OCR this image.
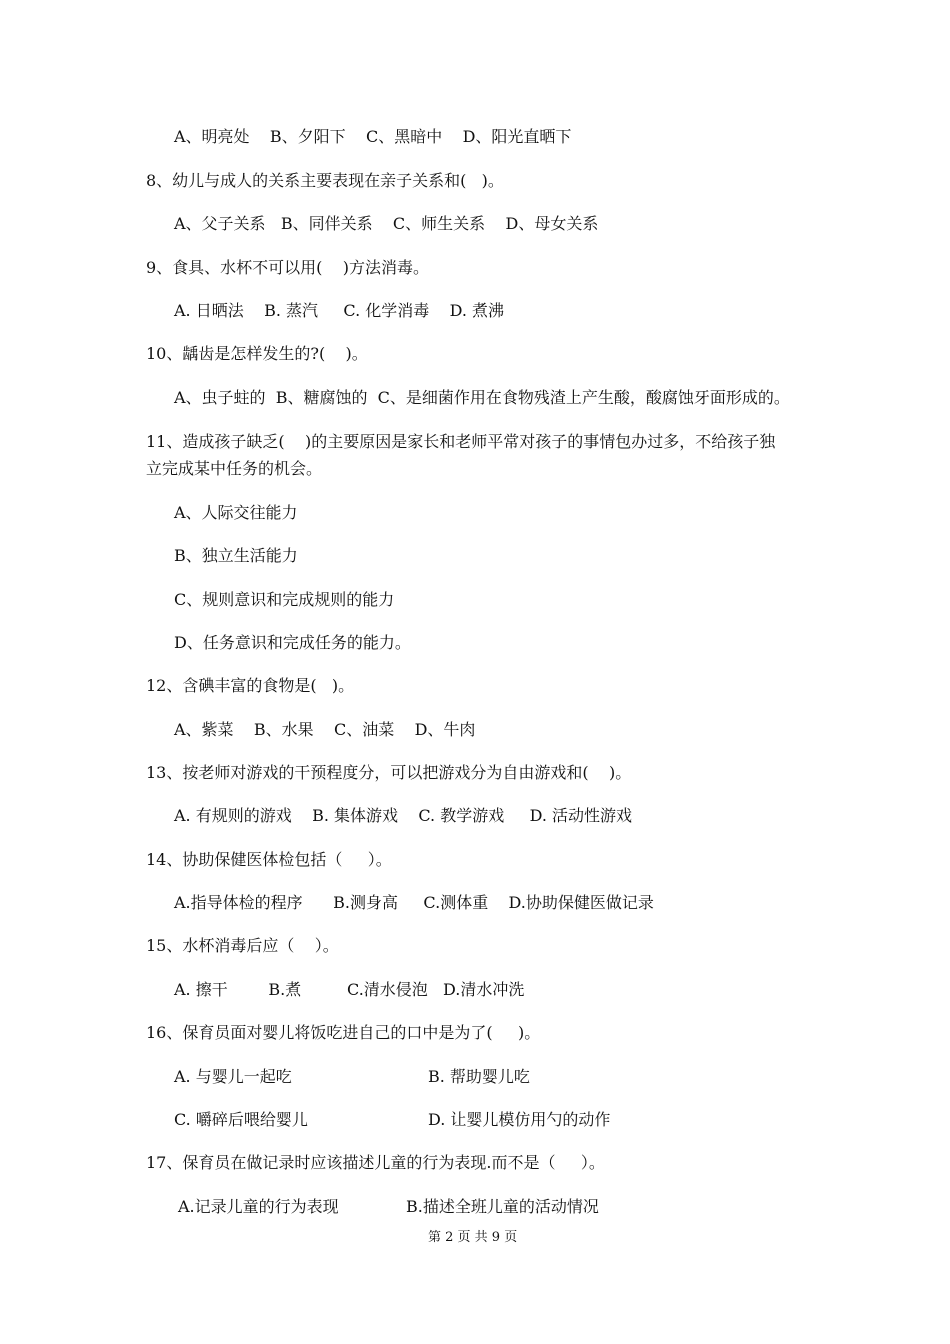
A、明亮处    B、夕阳下    C、黑暗中    D、阳光直晒下
8、幼儿与成人的关系主要表现在亲子关系和(   )。
A、父子关系   B、同伴关系    C、师生关系    D、母女关系
9、食具、水杯不可以用(    )方法消毒。
A. 日晒法    B. 蒸汽     C. 化学消毒    D. 煮沸
10、龋齿是怎样发生的?(    )。
A、虫子蛀的  B、糖腐蚀的  C、是细菌作用在食物残渣上产生酸，酸腐蚀牙面形成的。
11、造成孩子缺乏(    )的主要原因是家长和老师平常对孩子的事情包办过多，不给孩子独
立完成某中任务的机会。
A、人际交往能力
B、独立生活能力
C、规则意识和完成规则的能力
D、任务意识和完成任务的能力。
12、含碘丰富的食物是(   )。
A、紫菜    B、水果    C、油菜    D、牛肉
13、按老师对游戏的干预程度分，可以把游戏分为自由游戏和(    )。
A. 有规则的游戏    B. 集体游戏    C. 教学游戏     D. 活动性游戏
14、协助保健医体检包括（     ）。
A.指导体检的程序      B.测身高     C.测体重    D.协助保健医做记录
15、水杯消毒后应（    ）。
A. 擦干        B.煮         C.清水侵泡   D.清水冲洗
16、保育员面对婴儿将饭吃进自己的口中是为了(     )。
A. 与婴儿一起吃	B. 帮助婴儿吃
C. 嚼碎后喂给婴儿	D. 让婴儿模仿用勺的动作
17、保育员在做记录时应该描述儿童的行为表现.而不是（     ）。
A.记录儿童的行为表现	B.描述全班儿童的活动情况
第 2 页 共 9 页
